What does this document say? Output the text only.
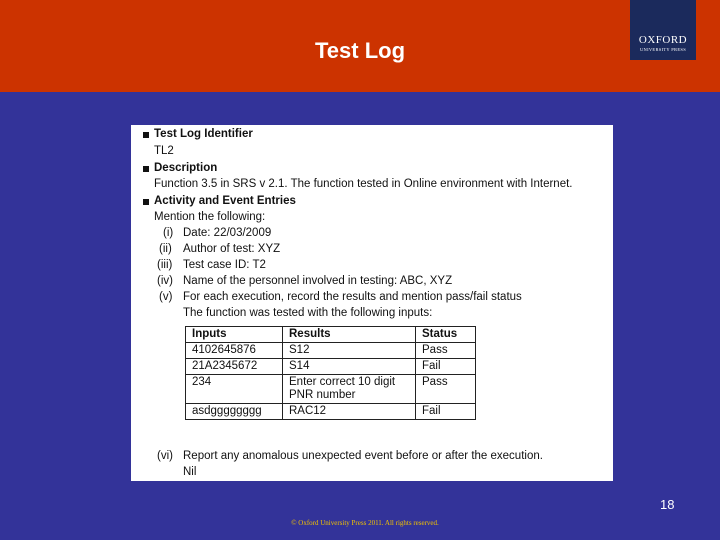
Test Log	OXFORD
UNIVERSITY PRESS
Test Log Identifier
TL2
Description
Function 3.5 in SRS v 2.1. The function tested in Online environment with Internet.
Activity and Event Entries
Mention the following:
(i) Date: 22/03/2009
(ii) Author of test: XYZ
(iii) Test case ID: T2
(iv) Name of the personnel involved in testing: ABC, XYZ
(v) For each execution, record the results and mention pass/fail status
The function was tested with the following inputs:
Inputs	Results	Status
4102645876	S12	Pass
21A2345672	S14	Fail
234	Enter correct 10 digit PNR number	Pass
asdgggggggg	RAC12	Fail
(vi) Report any anomalous unexpected event before or after the execution.
Nil
18
© Oxford University Press 2011. All rights reserved.
